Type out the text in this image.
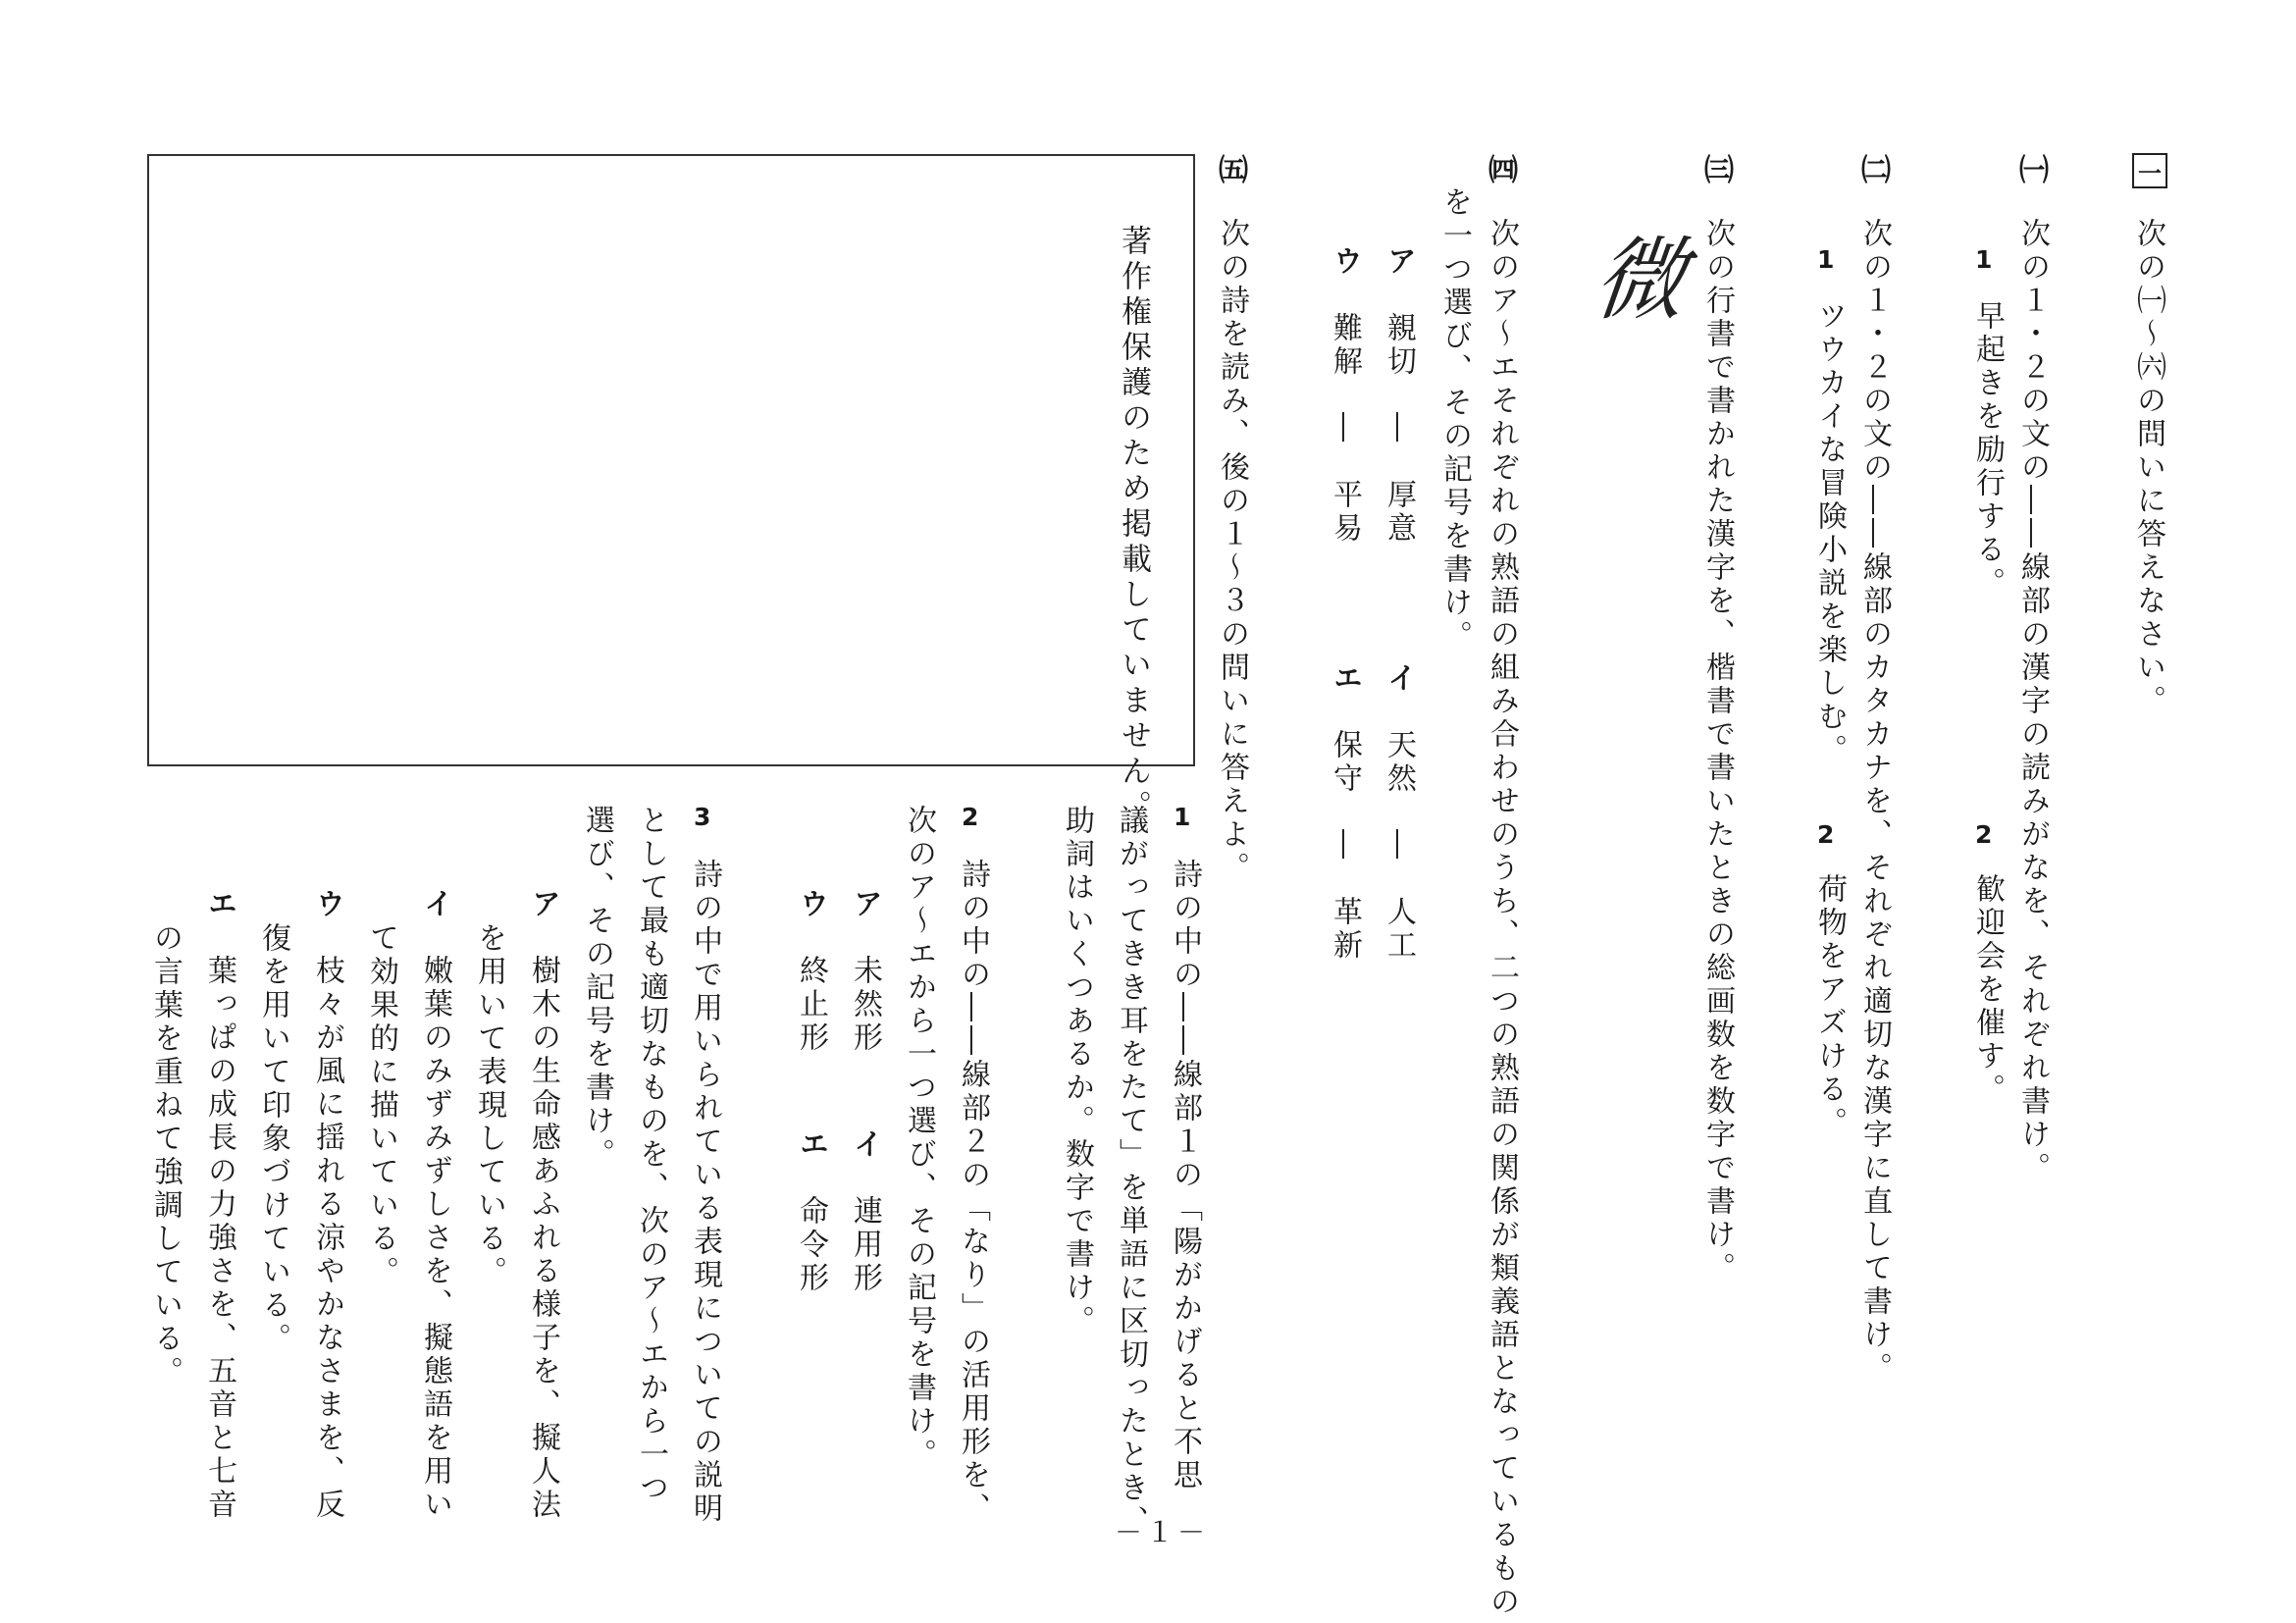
一
次の㈠～㈥の問いに答えなさい。
㈠
次の１・２の文の――線部の漢字の読みがなを、それぞれ書け。
1
早起きを励行する。
2
歓迎会を催す。
㈡
次の１・２の文の――線部のカタカナを、それぞれ適切な漢字に直して書け。
1
ツウカイな冒険小説を楽しむ。
2
荷物をアズける。
㈢
次の行書で書かれた漢字を、楷書で書いたときの総画数を数字で書け。
微
㈣
次のア～エそれぞれの熟語の組み合わせのうち、二つの熟語の関係が類義語となっているもの
を一つ選び、その記号を書け。
ア　親切　―　厚意
イ　天然　―　人工
ウ　難解　―　平易
エ　保守　―　革新
㈤
次の詩を読み、後の１～３の問いに答えよ。
著作権保護のため掲載していません。 1
詩の中の――線部１の「陽がかげると不思
議がってきき耳をたて」を単語に区切ったとき、
助詞はいくつあるか。数字で書け。
2
詩の中の――線部２の「なり」の活用形を、
次のア～エから一つ選び、その記号を書け。
ア　未然形
イ　連用形
ウ　終止形
エ　命令形
3
詩の中で用いられている表現についての説明
として最も適切なものを、次のア～エから一つ
選び、その記号を書け。
ア　樹木の生命感あふれる様子を、擬人法
を用いて表現している。
イ　嫩葉のみずみずしさを、擬態語を用い
て効果的に描いている。
ウ　枝々が風に揺れる涼やかなさまを、反
復を用いて印象づけている。
エ　葉っぱの成長の力強さを、五音と七音
の言葉を重ねて強調している。
－１－
